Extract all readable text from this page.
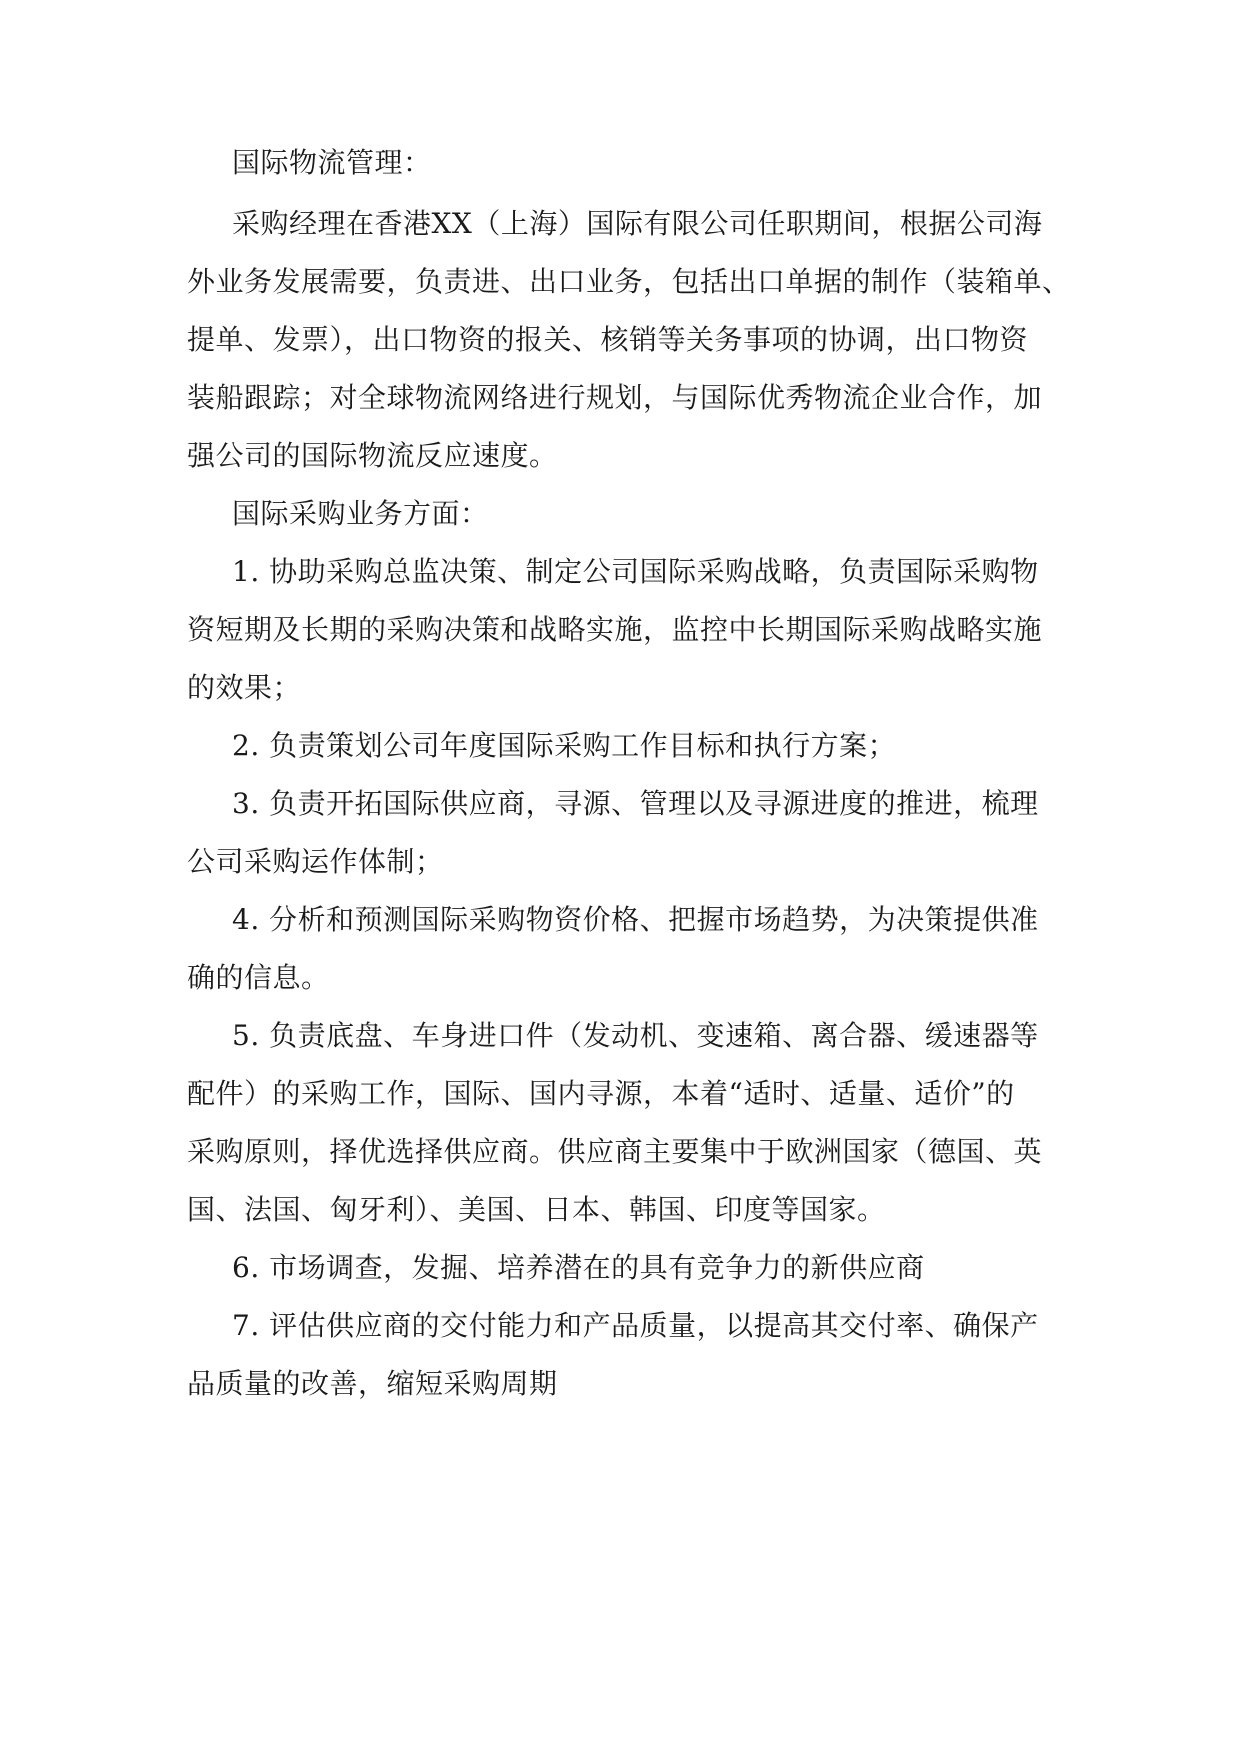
国际物流管理：
采购经理在香港XX（上海）国际有限公司任职期间，根据公司海
外业务发展需要，负责进、出口业务，包括出口单据的制作（装箱单、
提单、发票），出口物资的报关、核销等关务事项的协调，出口物资
装船跟踪；对全球物流网络进行规划，与国际优秀物流企业合作，加
强公司的国际物流反应速度。
国际采购业务方面：
1. 协助采购总监决策、制定公司国际采购战略，负责国际采购物
资短期及长期的采购决策和战略实施，监控中长期国际采购战略实施
的效果；
2. 负责策划公司年度国际采购工作目标和执行方案；
3. 负责开拓国际供应商，寻源、管理以及寻源进度的推进，梳理
公司采购运作体制；
4. 分析和预测国际采购物资价格、把握市场趋势，为决策提供准
确的信息。
5. 负责底盘、车身进口件（发动机、变速箱、离合器、缓速器等
配件）的采购工作，国际、国内寻源，本着“适时、适量、适价”的
采购原则，择优选择供应商。供应商主要集中于欧洲国家（德国、英
国、法国、匈牙利）、美国、日本、韩国、印度等国家。
6. 市场调查，发掘、培养潜在的具有竞争力的新供应商
7. 评估供应商的交付能力和产品质量，以提高其交付率、确保产
品质量的改善，缩短采购周期
